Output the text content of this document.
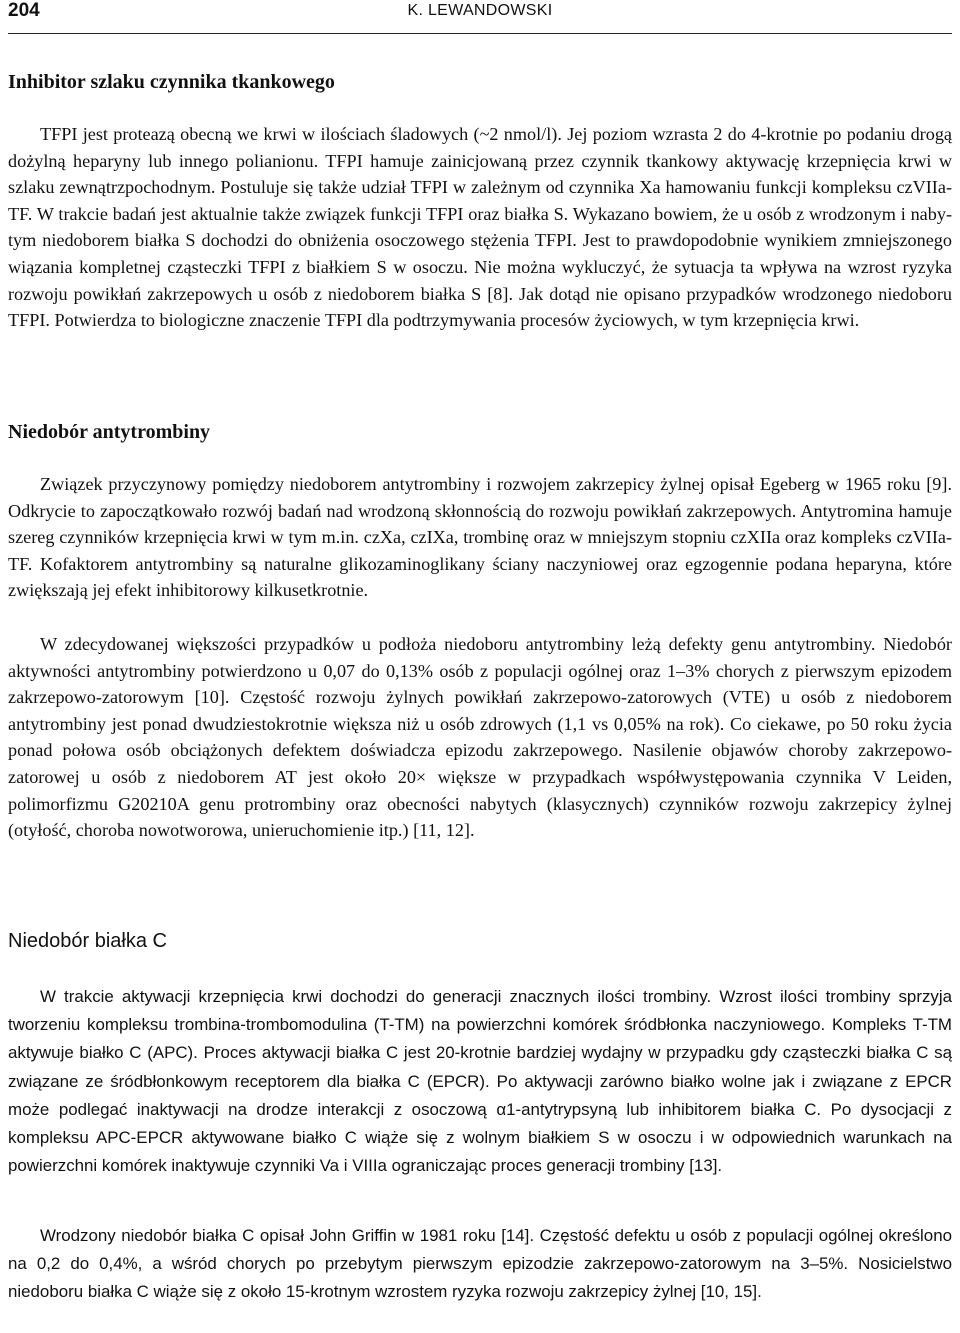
204	K. LEWANDOWSKI
Inhibitor szlaku czynnika tkankowego

TFPI jest proteazą obecną we krwi w ilościach śladowych (~2 nmol/l). Jej poziom wzrasta 2 do 4-krotnie po podaniu drogą dożylną heparyny lub innego polianionu. TFPI hamuje zainicjowaną przez czynnik tkankowy aktywację krzepnięcia krwi w szlaku zewnątrzpochodnym. Postuluje się także udział TFPI w zależnym od czynnika Xa hamowaniu funkcji kompleksu czVIIa-TF. W trakcie badań jest aktualnie także związek funkcji TFPI oraz białka S. Wykazano bowiem, że u osób z wrodzonym i nabytym niedoborem białka S dochodzi do obniżenia osoczowego stężenia TFPI. Jest to prawdopodobnie wynikiem zmniejszonego wiązania kompletnej cząsteczki TFPI z białkiem S w osoczu. Nie można wykluczyć, że sytuacja ta wpływa na wzrost ryzyka rozwoju powikłań zakrzepowych u osób z niedoborem białka S [8]. Jak dotąd nie opisano przypadków wrodzonego niedoboru TFPI. Potwierdza to biologiczne znaczenie TFPI dla podtrzymywania procesów życiowych, w tym krzepnięcia krwi.

Niedobór antytrombiny

Związek przyczynowy pomiędzy niedoborem antytrombiny i rozwojem zakrzepicy żylnej opisał Egeberg w 1965 roku [9]. Odkrycie to zapoczątkowało rozwój badań nad wrodzoną skłonnością do rozwoju powikłań zakrzepowych. Antytromina hamuje szereg czynników krzepnięcia krwi w tym m.in. czXa, czIXa, trombinę oraz w mniejszym stopniu czXIIa oraz kompleks czVIIa-TF. Kofaktorem antytrombiny są naturalne glikozaminoglikany ściany naczyniowej oraz egzogennie podana heparyna, które zwiększają jej efekt inhibitorowy kilkusetkrotnie.

W zdecydowanej większości przypadków u podłoża niedoboru antytrombiny leżą defekty genu antytrombiny. Niedobór aktywności antytrombiny potwierdzono u 0,07 do 0,13% osób z populacji ogólnej oraz 1–3% chorych z pierwszym epizodem zakrzepowo-zatorowym [10]. Częstość rozwoju żylnych powikłań zakrzepowo-zatorowych (VTE) u osób z niedoborem antytrombiny jest ponad dwudziestokrotnie większa niż u osób zdrowych (1,1 vs 0,05% na rok). Co ciekawe, po 50 roku życia ponad połowa osób obciążonych defektem doświadcza epizodu zakrzepowego. Nasilenie objawów choroby zakrzepowo-zatorowej u osób z niedoborem AT jest około 20× większe w przypadkach współwystępowania czynnika V Leiden, polimorfizmu G20210A genu protrombiny oraz obecności nabytych (klasycznych) czynników rozwoju zakrzepicy żylnej (otyłość, choroba nowotworowa, unieruchomienie itp.) [11, 12].

Niedobór białka C

W trakcie aktywacji krzepnięcia krwi dochodzi do generacji znacznych ilości trombiny. Wzrost ilości trombiny sprzyja tworzeniu kompleksu trombina-trombomodulina (T-TM) na powierzchni komórek śródbłonka naczyniowego. Kompleks T-TM aktywuje białko C (APC). Proces aktywacji białka C jest 20-krotnie bardziej wydajny w przypadku gdy cząsteczki białka C są związane ze śródbłonkowym receptorem dla białka C (EPCR). Po aktywacji zarówno białko wolne jak i związane z EPCR może podlegać inaktywacji na drodze interakcji z osoczową α1-antytrypsyną lub inhibitorem białka C. Po dysocjacji z kompleksu APC-EPCR aktywowane białko C wiąże się z wolnym białkiem S w osoczu i w odpowiednich warunkach na powierzchni komórek inaktywuje czynniki Va i VIIIa ograniczając proces generacji trombiny [13].

Wrodzony niedobór białka C opisał John Griffin w 1981 roku [14]. Częstość defektu u osób z populacji ogólnej określono na 0,2 do 0,4%, a wśród chorych po przebytym pierwszym epizodzie zakrzepowo-zatorowym na 3–5%. Nosicielstwo niedoboru białka C wiąże się z około 15-krotnym wzrostem ryzyka rozwoju zakrzepicy żylnej [10, 15].
